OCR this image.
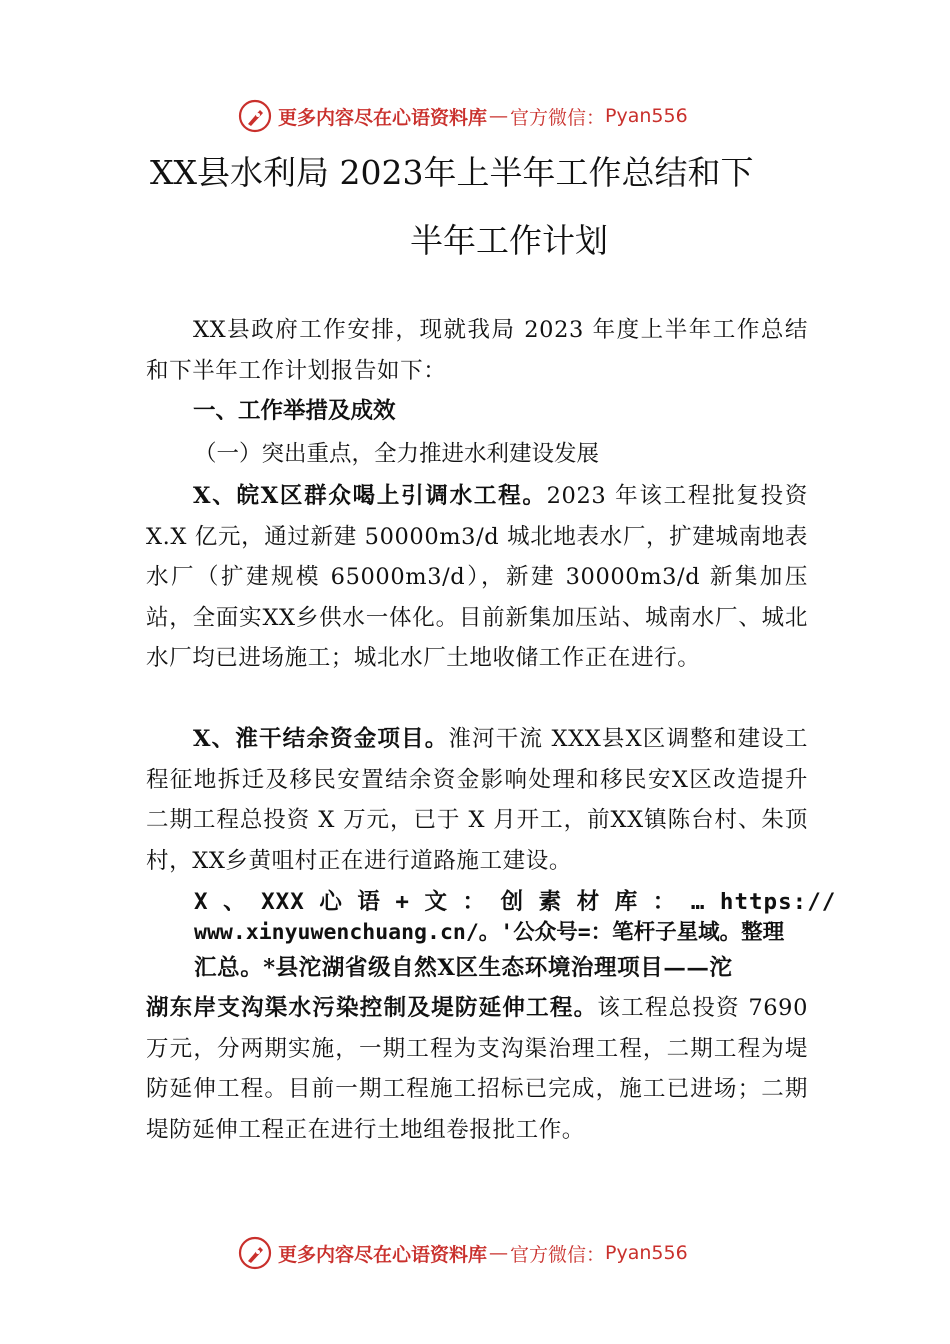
更多内容尽在心语资料库 — 官方微信： Pyan556
XX县水利局 2023年上半年工作总结和下
半年工作计划

XX县政府工作安排，现就我局 2023 年度上半年工作总结和下半年工作计划报告如下：

一、工作举措及成效
（一）突出重点，全力推进水利建设发展

X、皖X区群众喝上引调水工程。2023 年该工程批复投资 X.X 亿元，通过新建 50000m3/d 城北地表水厂，扩建城南地表水厂（扩建规模 65000m3/d），新建 30000m3/d 新集加压站，全面实XX乡供水一体化。目前新集加压站、城南水厂、城北水厂均已进场施工；城北水厂土地收储工作正在进行。

X、淮干结余资金项目。淮河干流 XXX县X区调整和建设工程征地拆迁及移民安置结余资金影响处理和移民安X区改造提升二期工程总投资 X 万元，已于 X 月开工，前XX镇陈台村、朱顶村，XX乡黄咀村正在进行道路施工建设。

X 、 XXX 心 语 + 文 ： 创 素 材 库 ： … https://
www.xinyuwenchuang.cn/。'公众号=：笔杆子星域。整理
汇总。*县沱湖省级自然X区生态环境治理项目——沱

湖东岸支沟渠水污染控制及堤防延伸工程。该工程总投资 7690 万元，分两期实施，一期工程为支沟渠治理工程，二期工程为堤防延伸工程。目前一期工程施工招标已完成，施工已进场；二期堤防延伸工程正在进行土地组卷报批工作。

更多内容尽在心语资料库 — 官方微信： Pyan556
